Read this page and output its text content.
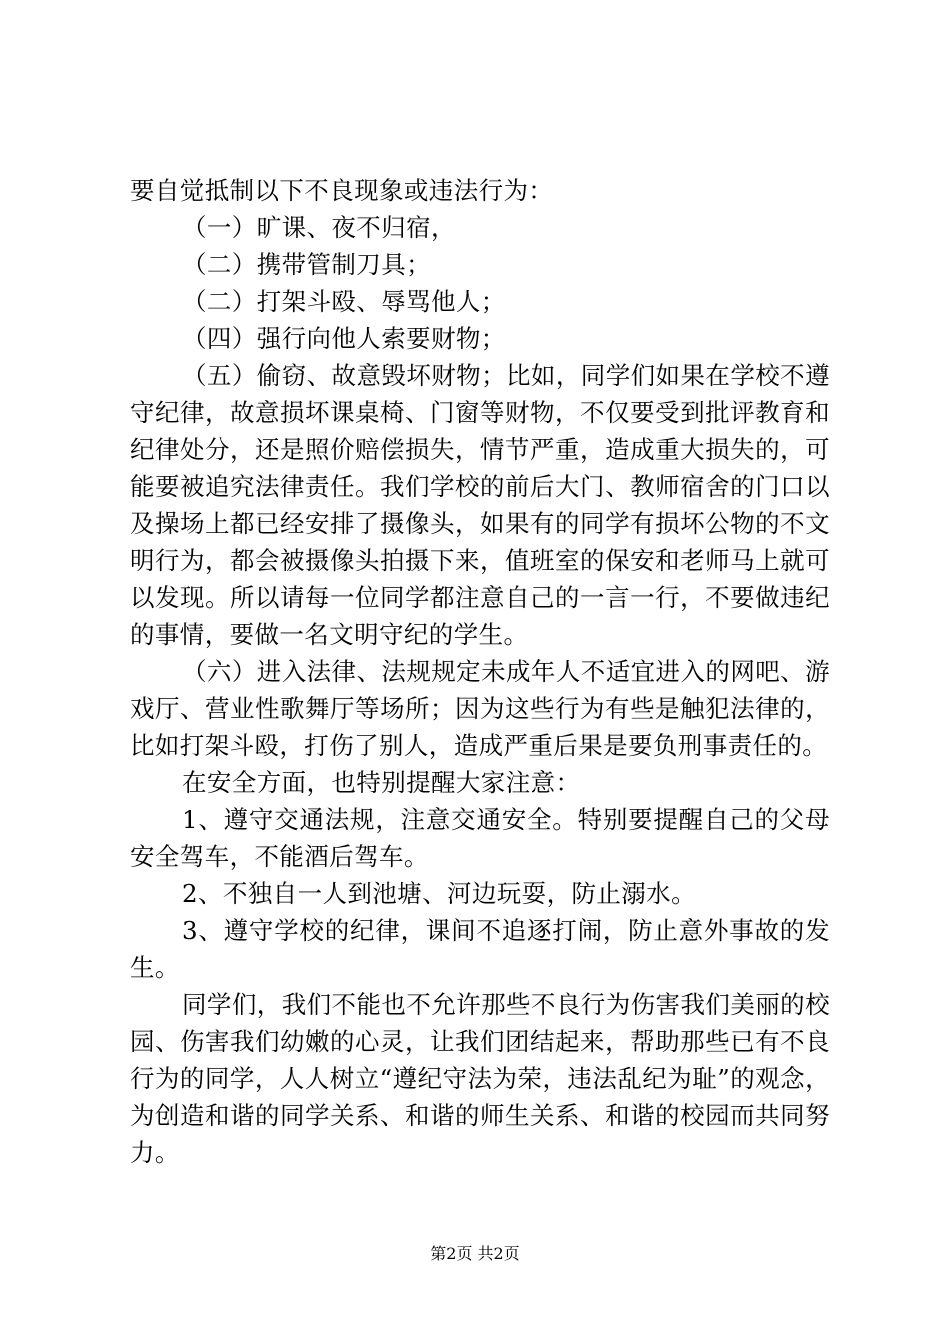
要自觉抵制以下不良现象或违法行为：

（一）旷课、夜不归宿，

（二）携带管制刀具；

（二）打架斗殴、辱骂他人；

（四）强行向他人索要财物；

（五）偷窃、故意毁坏财物；比如，同学们如果在学校不遵守纪律，故意损坏课桌椅、门窗等财物，不仅要受到批评教育和纪律处分，还是照价赔偿损失，情节严重，造成重大损失的，可能要被追究法律责任。我们学校的前后大门、教师宿舍的门口以及操场上都已经安排了摄像头，如果有的同学有损坏公物的不文明行为，都会被摄像头拍摄下来，值班室的保安和老师马上就可以发现。所以请每一位同学都注意自己的一言一行，不要做违纪的事情，要做一名文明守纪的学生。

（六）进入法律、法规规定未成年人不适宜进入的网吧、游戏厅、营业性歌舞厅等场所；因为这些行为有些是触犯法律的，比如打架斗殴，打伤了别人，造成严重后果是要负刑事责任的。

在安全方面，也特别提醒大家注意：

1、遵守交通法规，注意交通安全。特别要提醒自己的父母安全驾车，不能酒后驾车。

2、不独自一人到池塘、河边玩耍，防止溺水。

3、遵守学校的纪律，课间不追逐打闹，防止意外事故的发生。

同学们，我们不能也不允许那些不良行为伤害我们美丽的校园、伤害我们幼嫩的心灵，让我们团结起来，帮助那些已有不良行为的同学，人人树立“遵纪守法为荣，违法乱纪为耻”的观念，为创造和谐的同学关系、和谐的师生关系、和谐的校园而共同努力。

第2页 共2页
